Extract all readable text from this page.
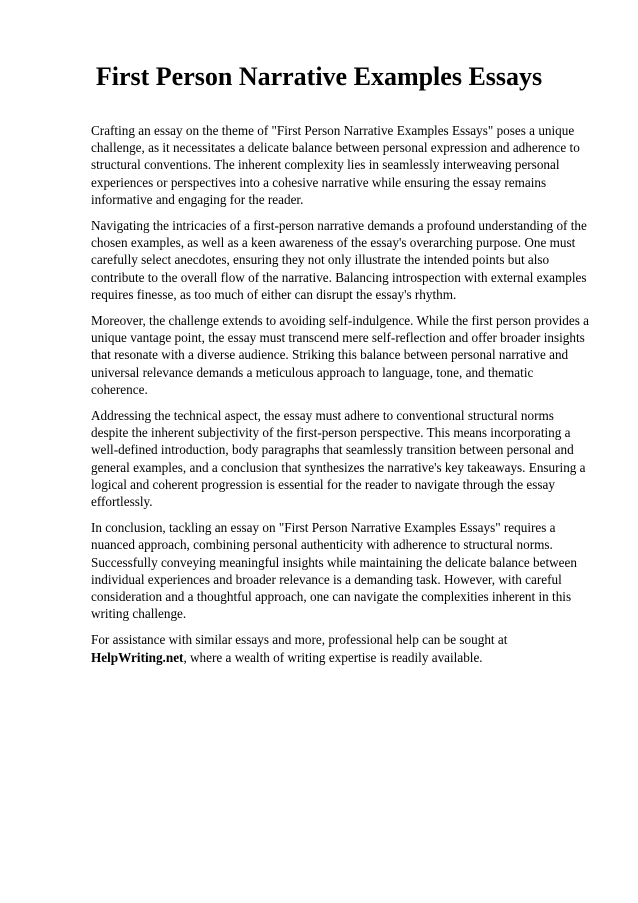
First Person Narrative Examples Essays

Crafting an essay on the theme of "First Person Narrative Examples Essays" poses a unique challenge, as it necessitates a delicate balance between personal expression and adherence to structural conventions. The inherent complexity lies in seamlessly interweaving personal experiences or perspectives into a cohesive narrative while ensuring the essay remains informative and engaging for the reader.

Navigating the intricacies of a first-person narrative demands a profound understanding of the chosen examples, as well as a keen awareness of the essay's overarching purpose. One must carefully select anecdotes, ensuring they not only illustrate the intended points but also contribute to the overall flow of the narrative. Balancing introspection with external examples requires finesse, as too much of either can disrupt the essay's rhythm.

Moreover, the challenge extends to avoiding self-indulgence. While the first person provides a unique vantage point, the essay must transcend mere self-reflection and offer broader insights that resonate with a diverse audience. Striking this balance between personal narrative and universal relevance demands a meticulous approach to language, tone, and thematic coherence.

Addressing the technical aspect, the essay must adhere to conventional structural norms despite the inherent subjectivity of the first-person perspective. This means incorporating a well-defined introduction, body paragraphs that seamlessly transition between personal and general examples, and a conclusion that synthesizes the narrative's key takeaways. Ensuring a logical and coherent progression is essential for the reader to navigate through the essay effortlessly.

In conclusion, tackling an essay on "First Person Narrative Examples Essays" requires a nuanced approach, combining personal authenticity with adherence to structural norms. Successfully conveying meaningful insights while maintaining the delicate balance between individual experiences and broader relevance is a demanding task. However, with careful consideration and a thoughtful approach, one can navigate the complexities inherent in this writing challenge.

For assistance with similar essays and more, professional help can be sought at HelpWriting.net, where a wealth of writing expertise is readily available.
